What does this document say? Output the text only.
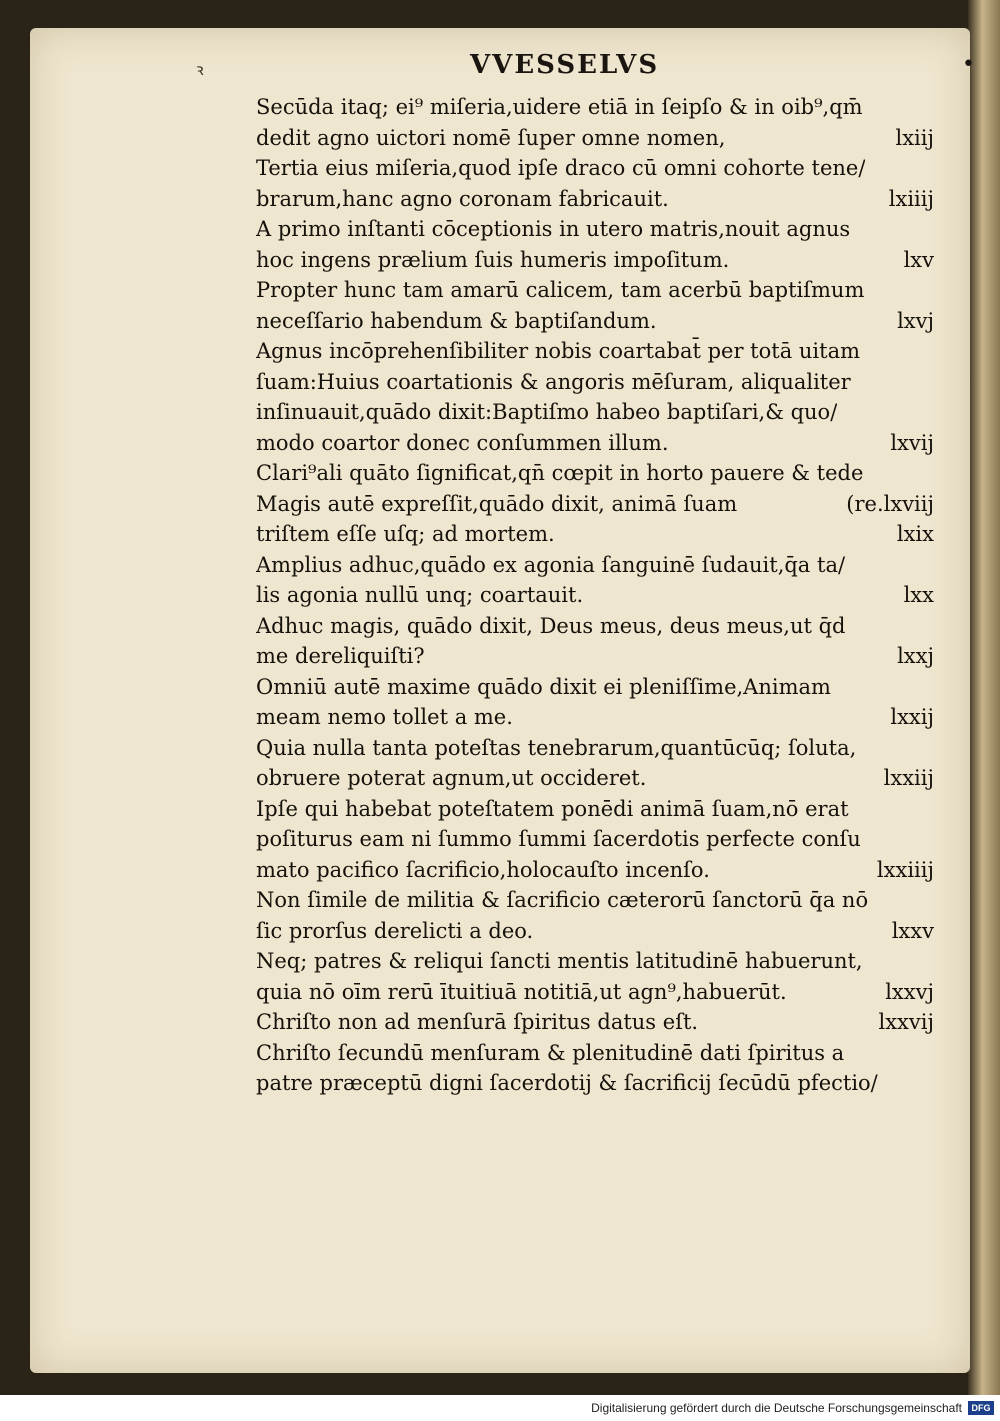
ꝛ	VVESSELVS	•
Secūda itaq; ei⁹ miſeria,uidere etiā in ſeipſo & in oib⁹,qm̄
dedit agno uictori nomē ſuper omne nomen,	lxiij
Tertia eius miſeria,quod ipſe draco cū omni cohorte tene/
brarum,hanc agno coronam fabricauit.	lxiiij
A primo inſtanti cōceptionis in utero matris,nouit agnus
hoc ingens prælium ſuis humeris impoſitum.	lxv
Propter hunc tam amarū calicem, tam acerbū baptiſmum
neceſſario habendum & baptiſandum.	lxvj
Agnus incōprehenſibiliter nobis coartabat̄ per totā uitam
ſuam:Huius coartationis & angoris mēſuram, aliqualiter
inſinuauit,quādo dixit:Baptiſmo habeo baptiſari,& quo/
modo coartor donec conſummen illum.	lxvij
Clari⁹ali quāto ſignificat,qn̄ cœpit in horto pauere & tede
Magis autē expreſſit,quādo dixit, animā ſuam	(re.lxviij
triſtem eſſe uſq; ad mortem.	lxix
Amplius adhuc,quādo ex agonia ſanguinē ſudauit,q̄a ta/
lis agonia nullū unq; coartauit.	lxx
Adhuc magis, quādo dixit, Deus meus, deus meus,ut q̄d
me dereliquiſti?	lxxj
Omniū autē maxime quādo dixit ei pleniſſime,Animam
meam nemo tollet a me.	lxxij
Quia nulla tanta poteſtas tenebrarum,quantūcūq; ſoluta,
obruere poterat agnum,ut occideret.	lxxiij
Ipſe qui habebat poteſtatem ponēdi animā ſuam,nō erat
poſiturus eam ni ſummo ſummi ſacerdotis perfecte conſu
mato pacifico ſacrificio,holocauſto incenſo.	lxxiiij
Non ſimile de militia & ſacrificio cæterorū ſanctorū q̄a nō
ſic prorſus derelicti a deo.	lxxv
Neq; patres & reliqui ſancti mentis latitudinē habuerunt,
quia nō oīm rerū ītuitiuā notitiā,ut agn⁹,habuerūt.	lxxvj
Chriſto non ad menſurā ſpiritus datus eſt.	lxxvij
Chriſto ſecundū menſuram & plenitudinē dati ſpiritus a
patre præceptū digni ſacerdotij & ſacrificij ſecūdū pfectio/
Digitalisierung gefördert durch die Deutsche Forschungsgemeinschaft	DFG
